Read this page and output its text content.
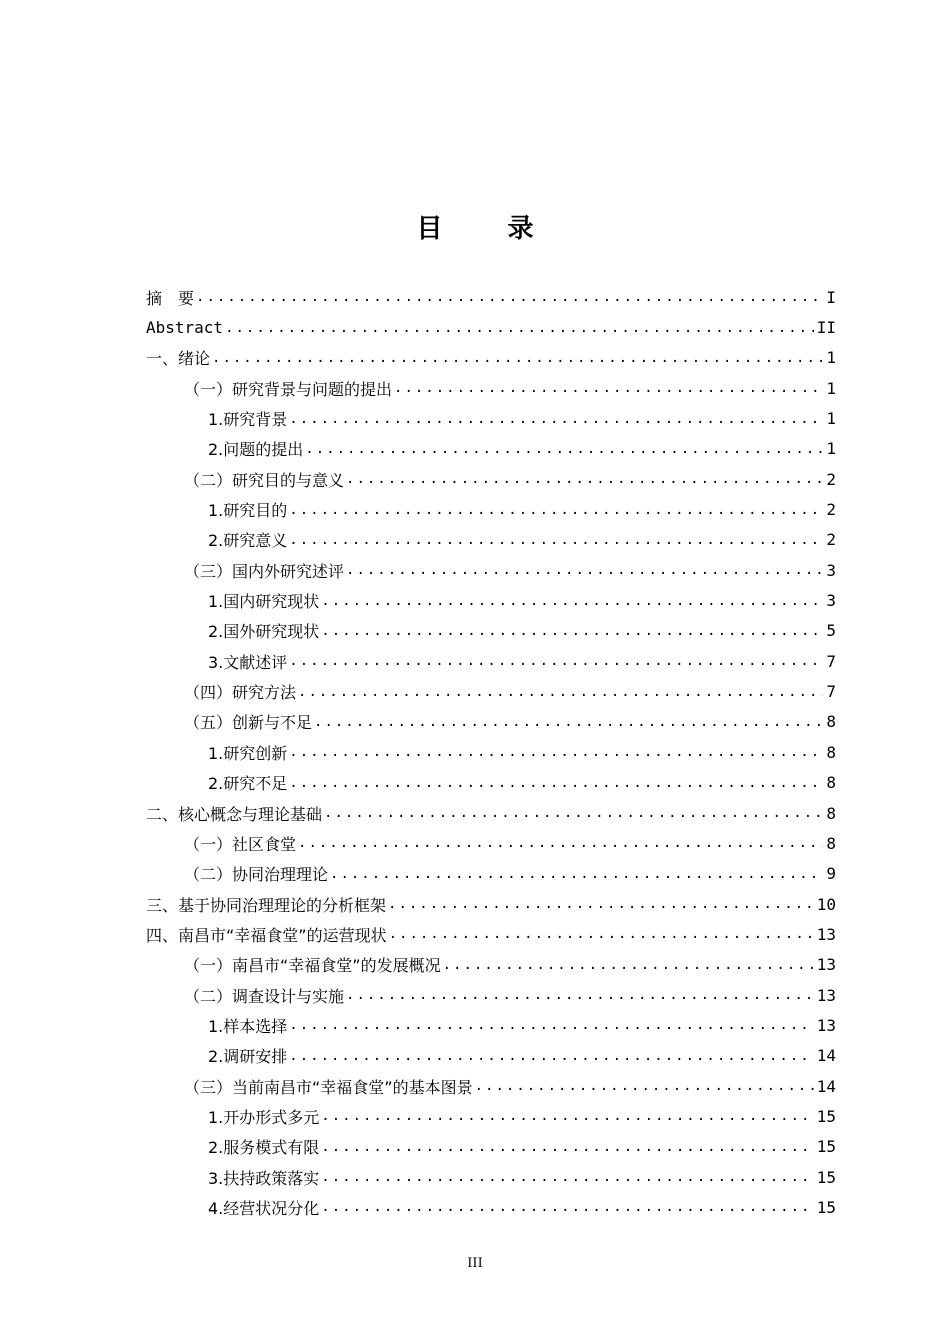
目 录
摘　要 .....	I
Abstract .....	II
一、绪论 .....	1
（一）研究背景与问题的提出 .....	1
1.研究背景 .....	1
2.问题的提出 .....	1
（二）研究目的与意义 .....	2
1.研究目的 .....	2
2.研究意义 .....	2
（三）国内外研究述评 .....	3
1.国内研究现状 .....	3
2.国外研究现状 .....	5
3.文献述评 .....	7
（四）研究方法 .....	7
（五）创新与不足 .....	8
1.研究创新 .....	8
2.研究不足 .....	8
二、核心概念与理论基础 .....	8
（一）社区食堂 .....	8
（二）协同治理理论 .....	9
三、基于协同治理理论的分析框架 .....	10
四、南昌市“幸福食堂”的运营现状 .....	13
（一）南昌市“幸福食堂”的发展概况 .....	13
（二）调查设计与实施 .....	13
1.样本选择 .....	13
2.调研安排 .....	14
（三）当前南昌市“幸福食堂”的基本图景 .....	14
1.开办形式多元 .....	15
2.服务模式有限 .....	15
3.扶持政策落实 .....	15
4.经营状况分化 .....	15
III
